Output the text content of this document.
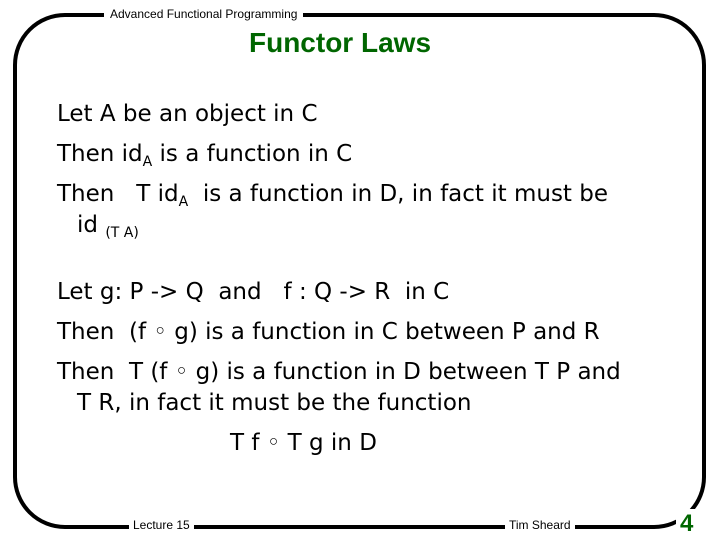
Advanced Functional Programming
Functor Laws
Let A be an object in C
Then $id_A$ is a function in C
Then   T $id_A$  is a function in D, in fact it must be
id $_{(T A)}$
Let g: P -> Q  and   f : Q -> R  in C
Then  (f ◦ g) is a function in C between P and R
Then  T (f ◦ g) is a function in D between T P and
T R, in fact it must be the function
T f ◦ T g in D
Lecture 15	Tim Sheard	4
